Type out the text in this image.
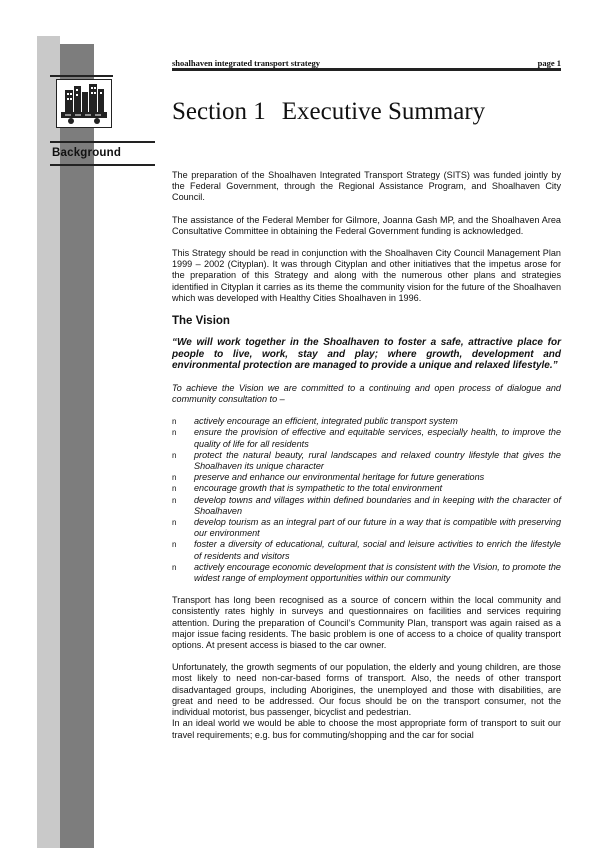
Background
shoalhaven integrated transport strategy	page 1
Section 1 Executive Summary

The preparation of the Shoalhaven Integrated Transport Strategy (SITS) was funded jointly by the Federal Government, through the Regional Assistance Program, and Shoalhaven City Council.

The assistance of the Federal Member for Gilmore, Joanna Gash MP, and the Shoalhaven Area Consultative Committee in obtaining the Federal Government funding is acknowledged.

This Strategy should be read in conjunction with the Shoalhaven City Council Management Plan 1999 – 2002 (Cityplan). It was through Cityplan and other initiatives that the impetus arose for the preparation of this Strategy and along with the numerous other plans and strategies identified in Cityplan it carries as its theme the community vision for the future of the Shoalhaven which was developed with Healthy Cities Shoalhaven in 1996.

The Vision

“We will work together in the Shoalhaven to foster a safe, attractive place for people to live, work, stay and play; where growth, development and environmental protection are managed to provide a unique and relaxed lifestyle.”

To achieve the Vision we are committed to a continuing and open process of dialogue and community consultation to –

n actively encourage an efficient, integrated public transport system
n ensure the provision of effective and equitable services, especially health, to improve the quality of life for all residents
n protect the natural beauty, rural landscapes and relaxed country lifestyle that gives the Shoalhaven its unique character
n preserve and enhance our environmental heritage for future generations
n encourage growth that is sympathetic to the total environment
n develop towns and villages within defined boundaries and in keeping with the character of Shoalhaven
n develop tourism as an integral part of our future in a way that is compatible with preserving our environment
n foster a diversity of educational, cultural, social and leisure activities to enrich the lifestyle of residents and visitors
n actively encourage economic development that is consistent with the Vision, to promote the widest range of employment opportunities within our community

Transport has long been recognised as a source of concern within the local community and consistently rates highly in surveys and questionnaires on facilities and services requiring attention. During the preparation of Council’s Community Plan, transport was again raised as a major issue facing residents. The basic problem is one of access to a choice of quality transport options. At present access is biased to the car owner.

Unfortunately, the growth segments of our population, the elderly and young children, are those most likely to need non-car-based forms of transport. Also, the needs of other transport disadvantaged groups, including Aborigines, the unemployed and those with disabilities, are great and need to be addressed. Our focus should be on the transport consumer, not the individual motorist, bus passenger, bicyclist and pedestrian.

In an ideal world we would be able to choose the most appropriate form of transport to suit our travel requirements; e.g. bus for commuting/shopping and the car for social
